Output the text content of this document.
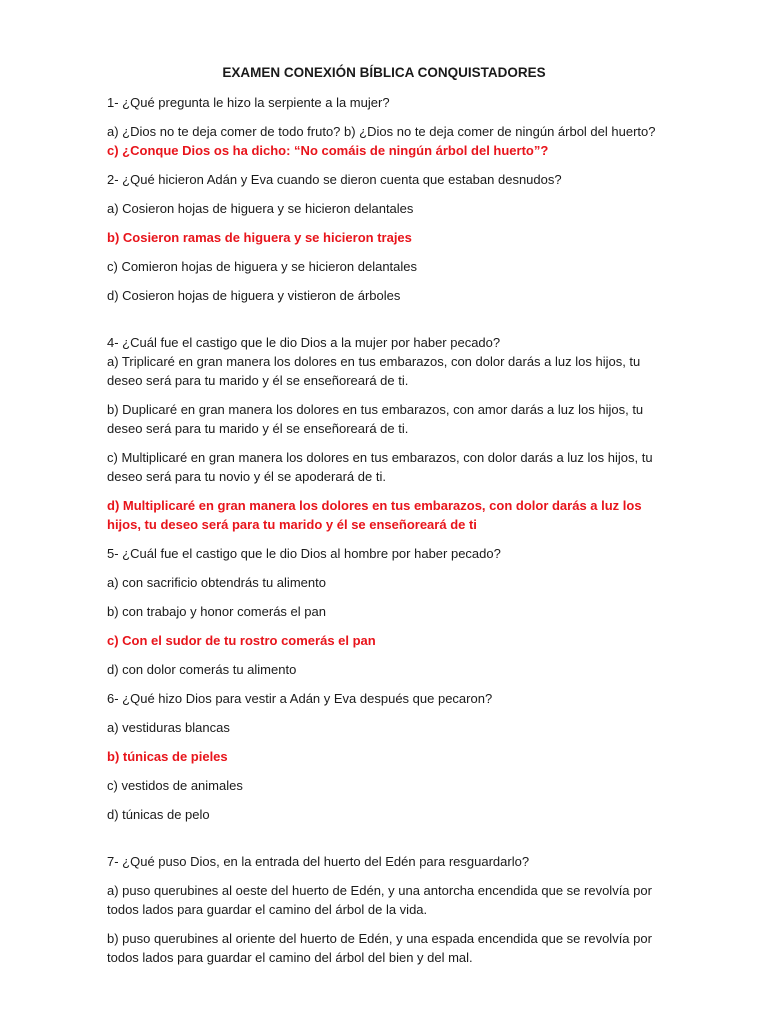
EXAMEN CONEXIÓN BÍBLICA CONQUISTADORES

1- ¿Qué pregunta le hizo la serpiente a la mujer?

a) ¿Dios no te deja comer de todo fruto? b) ¿Dios no te deja comer de ningún árbol del huerto? c) ¿Conque Dios os ha dicho: “No comáis de ningún árbol del huerto”?

2- ¿Qué hicieron Adán y Eva cuando se dieron cuenta que estaban desnudos?

a) Cosieron hojas de higuera y se hicieron delantales

b) Cosieron ramas de higuera y se hicieron trajes

c) Comieron hojas de higuera y se hicieron delantales

d) Cosieron hojas de higuera y vistieron de árboles

4- ¿Cuál fue el castigo que le dio Dios a la mujer por haber pecado?
a) Triplicaré en gran manera los dolores en tus embarazos, con dolor darás a luz los hijos, tu deseo será para tu marido y él se enseñoreará de ti.

b) Duplicaré en gran manera los dolores en tus embarazos, con amor darás a luz los hijos, tu deseo será para tu marido y él se enseñoreará de ti.

c) Multiplicaré en gran manera los dolores en tus embarazos, con dolor darás a luz los hijos, tu deseo será para tu novio y él se apoderará de ti.

d) Multiplicaré en gran manera los dolores en tus embarazos, con dolor darás a luz los hijos, tu deseo será para tu marido y él se enseñoreará de ti

5- ¿Cuál fue el castigo que le dio Dios al hombre por haber pecado?

a) con sacrificio obtendrás tu alimento

b) con trabajo y honor comerás el pan

c) Con el sudor de tu rostro comerás el pan

d) con dolor comerás tu alimento

6- ¿Qué hizo Dios para vestir a Adán y Eva después que pecaron?

a) vestiduras blancas

b) túnicas de pieles

c) vestidos de animales

d) túnicas de pelo

7- ¿Qué puso Dios, en la entrada del huerto del Edén para resguardarlo?

a) puso querubines al oeste del huerto de Edén, y una antorcha encendida que se revolvía por todos lados para guardar el camino del árbol de la vida.

b) puso querubines al oriente del huerto de Edén, y una espada encendida que se revolvía por todos lados para guardar el camino del árbol del bien y del mal.
